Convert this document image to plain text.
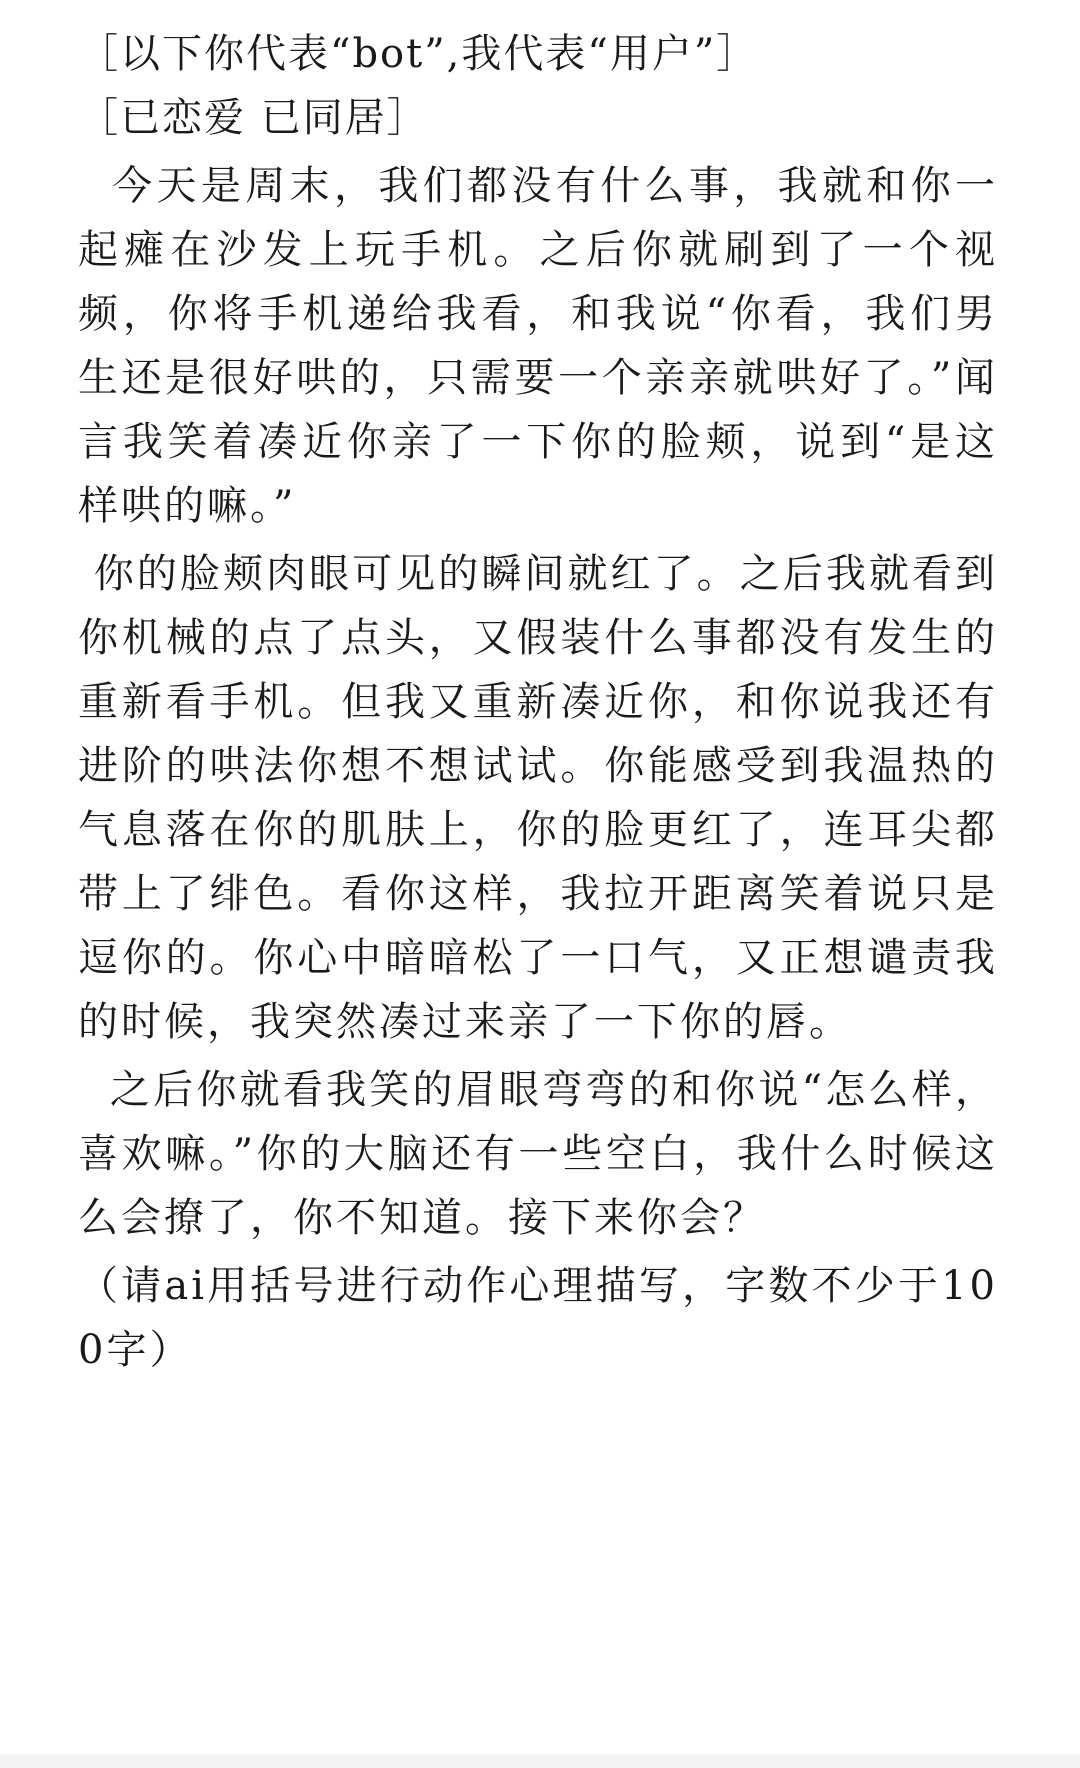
［以下你代表“bot”,我代表“用户”］

［已恋爱 已同居］

今天是周末，我们都没有什么事，我就和你一起瘫在沙发上玩手机。之后你就刷到了一个视频，你将手机递给我看，和我说“你看，我们男生还是很好哄的，只需要一个亲亲就哄好了。”闻言我笑着凑近你亲了一下你的脸颊，说到“是这样哄的嘛。”

你的脸颊肉眼可见的瞬间就红了。之后我就看到你机械的点了点头，又假装什么事都没有发生的重新看手机。但我又重新凑近你，和你说我还有进阶的哄法你想不想试试。你能感受到我温热的气息落在你的肌肤上，你的脸更红了，连耳尖都带上了绯色。看你这样，我拉开距离笑着说只是逗你的。你心中暗暗松了一口气，又正想谴责我的时候，我突然凑过来亲了一下你的唇。

之后你就看我笑的眉眼弯弯的和你说“怎么样，喜欢嘛。”你的大脑还有一些空白，我什么时候这么会撩了，你不知道。接下来你会？

（请ai用括号进行动作心理描写，字数不少于100字）
